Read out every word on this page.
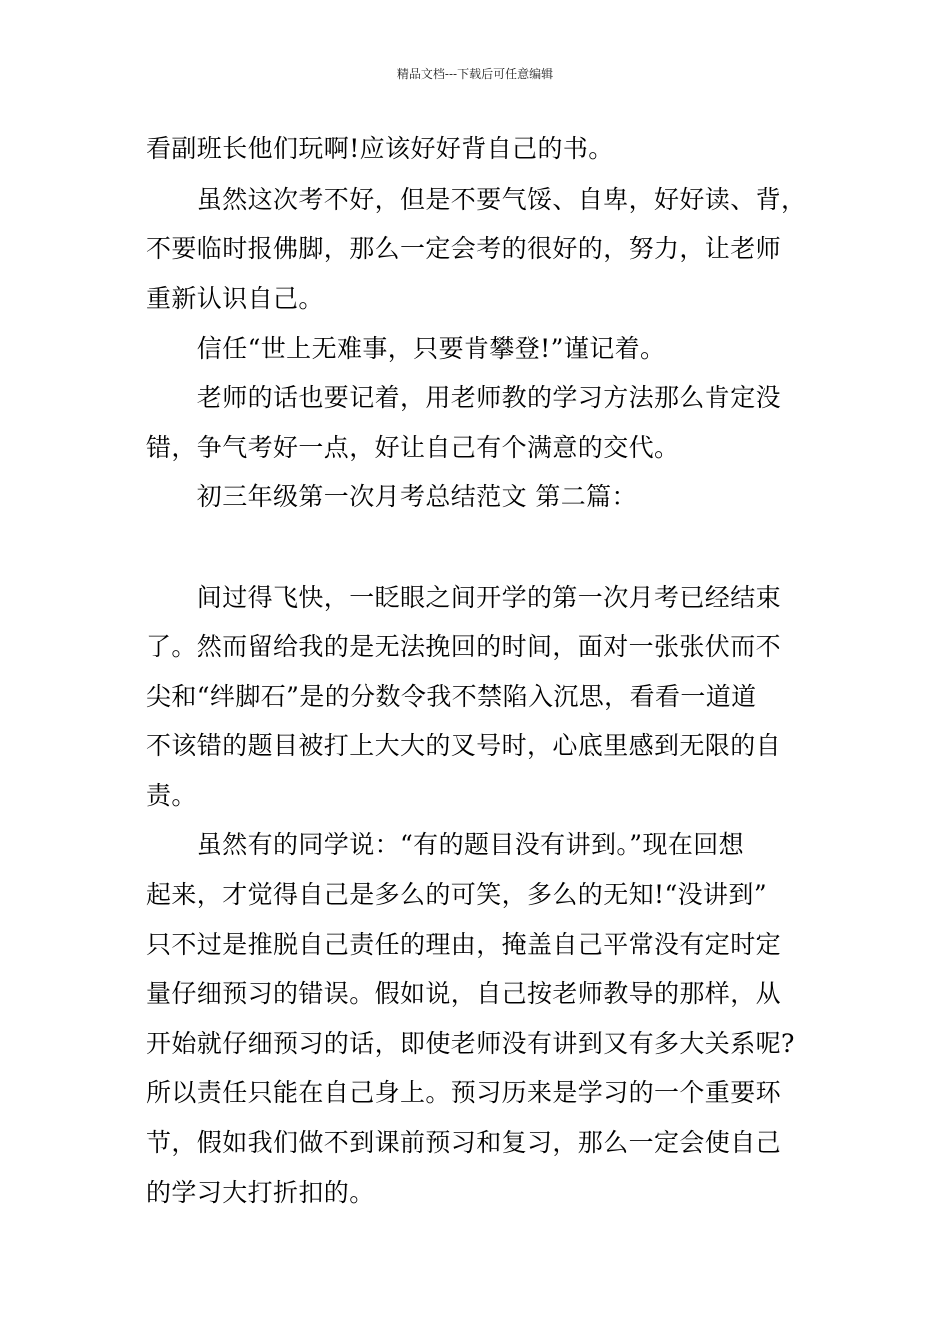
精品文档---下载后可任意编辑
看副班长他们玩啊!应该好好背自己的书。
　　虽然这次考不好，但是不要气馁、自卑，好好读、背，
不要临时报佛脚，那么一定会考的很好的，努力，让老师
重新认识自己。
　　信任“世上无难事，只要肯攀登!”谨记着。
　　老师的话也要记着，用老师教的学习方法那么肯定没
错，争气考好一点，好让自己有个满意的交代。
　　初三年级第一次月考总结范文 第二篇：
　　间过得飞快，一眨眼之间开学的第一次月考已经结束
了。然而留给我的是无法挽回的时间，面对一张张伏而不
尖和“绊脚石”是的分数令我不禁陷入沉思，看看一道道
不该错的题目被打上大大的叉号时，心底里感到无限的自
责。
　　虽然有的同学说：“有的题目没有讲到。”现在回想
起来，才觉得自己是多么的可笑，多么的无知!“没讲到”
只不过是推脱自己责任的理由，掩盖自己平常没有定时定
量仔细预习的错误。假如说，自己按老师教导的那样，从
开始就仔细预习的话，即使老师没有讲到又有多大关系呢?
所以责任只能在自己身上。预习历来是学习的一个重要环
节，假如我们做不到课前预习和复习，那么一定会使自己
的学习大打折扣的。
